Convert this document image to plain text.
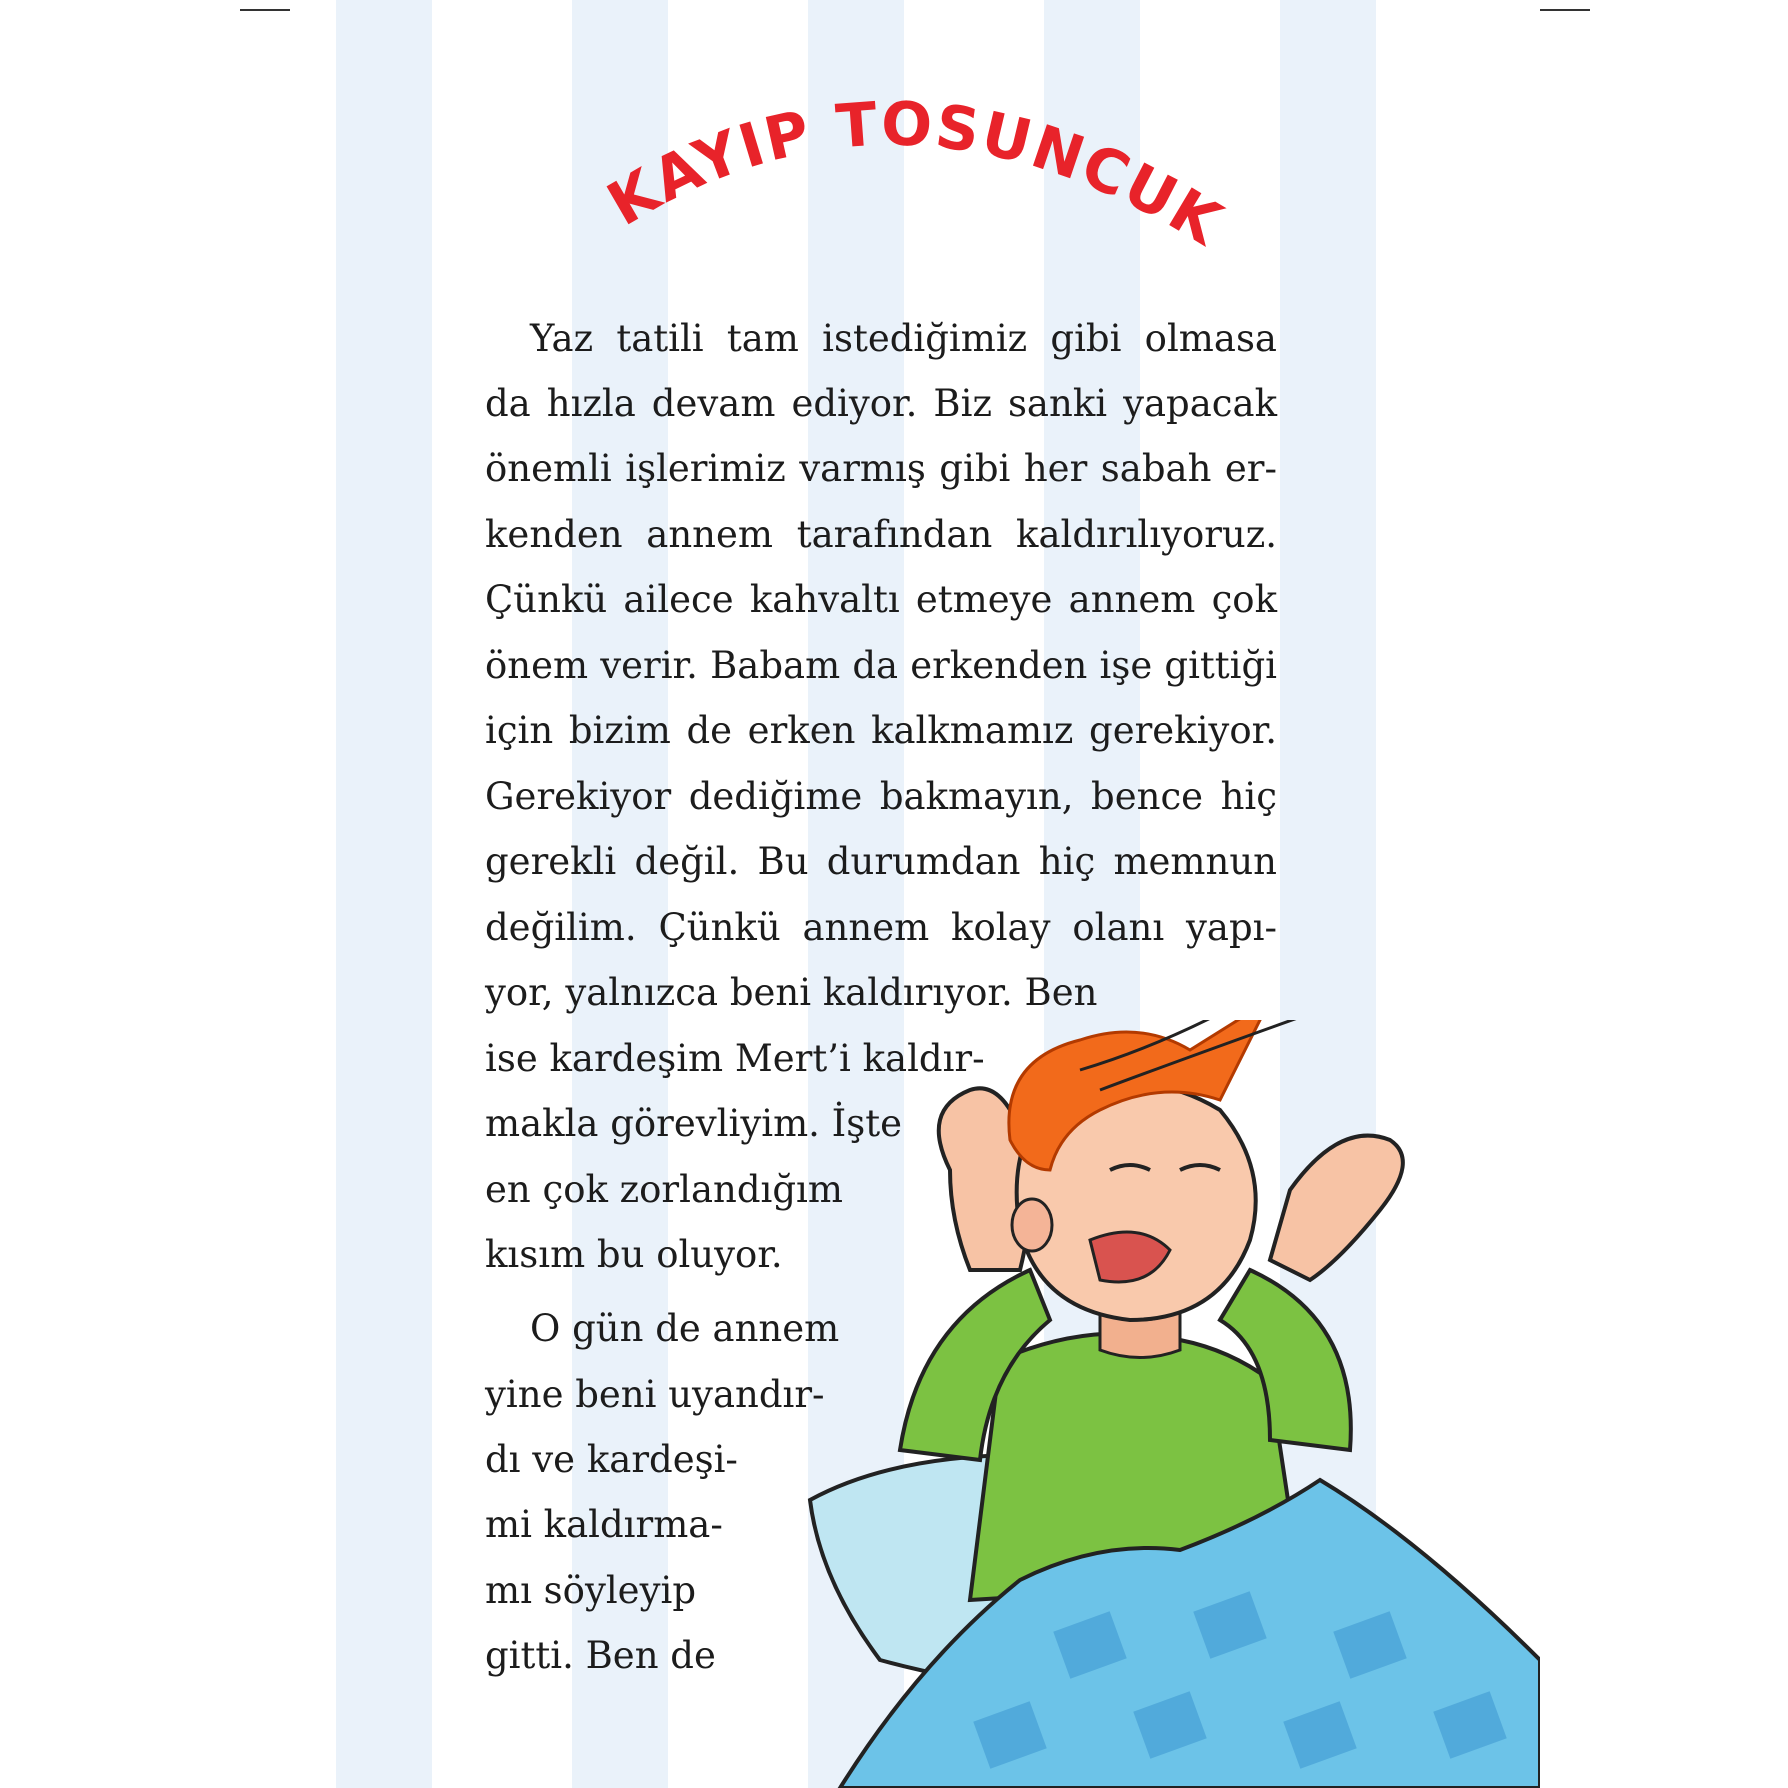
KAYIP TOSUNCUK
Yaz tatili tam istediğimiz gibi olmasa
da hızla devam ediyor. Biz sanki yapacak
önemli işlerimiz varmış gibi her sabah er-
kenden annem tarafından kaldırılıyoruz.
Çünkü ailece kahvaltı etmeye annem çok
önem verir. Babam da erkenden işe gittiği
için bizim de erken kalkmamız gerekiyor.
Gerekiyor dediğime bakmayın, bence hiç
gerekli değil. Bu durumdan hiç memnun
değilim. Çünkü annem kolay olanı yapı-
yor, yalnızca beni kaldırıyor. Ben
ise kardeşim Mert’i kaldır-
makla görevliyim. İşte
en çok zorlandığım
kısım bu oluyor.
O gün de annem
yine beni uyandır-
dı ve kardeşi-
mi kaldırma-
mı söyleyip
gitti. Ben de
